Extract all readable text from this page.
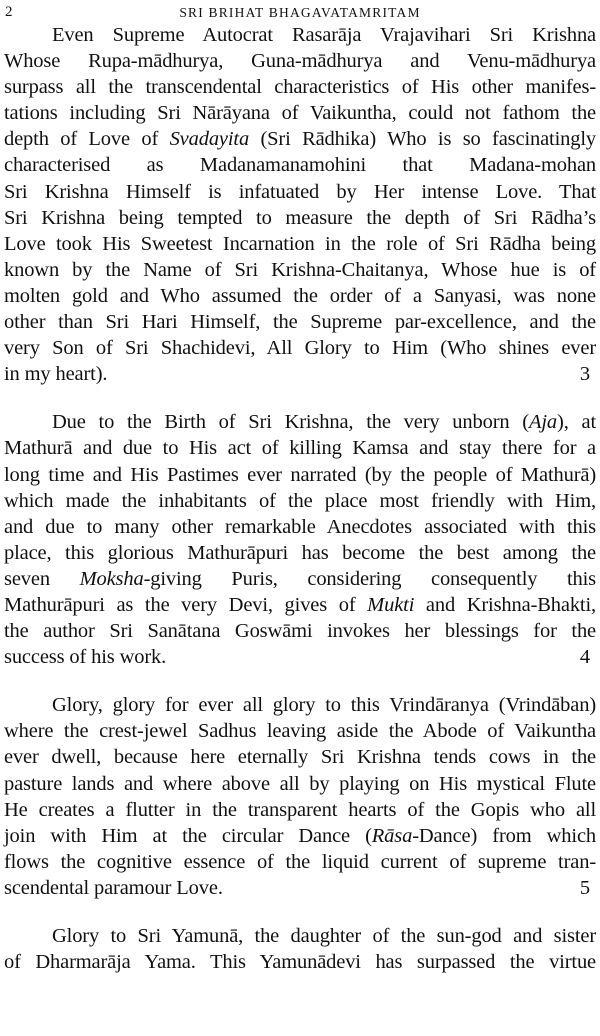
2	SRI BRIHAT BHAGAVATAMRITAM
Even Supreme Autocrat Rasarāja Vrajavihari Sri Krishna
Whose Rupa-mādhurya, Guna-mādhurya and Venu-mādhurya
surpass all the transcendental characteristics of His other manifes-
tations including Sri Nārāyana of Vaikuntha, could not fathom the
depth of Love of Svadayita (Sri Rādhika) Who is so fascinatingly
characterised as Madanamanamohini that Madana-mohan
Sri Krishna Himself is infatuated by Her intense Love. That
Sri Krishna being tempted to measure the depth of Sri Rādha’s
Love took His Sweetest Incarnation in the role of Sri Rādha being
known by the Name of Sri Krishna-Chaitanya, Whose hue is of
molten gold and Who assumed the order of a Sanyasi, was none
other than Sri Hari Himself, the Supreme par-excellence, and the
very Son of Sri Shachidevi, All Glory to Him (Who shines ever
in my heart).	3
Due to the Birth of Sri Krishna, the very unborn (Aja), at
Mathurā and due to His act of killing Kamsa and stay there for a
long time and His Pastimes ever narrated (by the people of Mathurā)
which made the inhabitants of the place most friendly with Him,
and due to many other remarkable Anecdotes associated with this
place, this glorious Mathurāpuri has become the best among the
seven Moksha-giving Puris, considering consequently this
Mathurāpuri as the very Devi, gives of Mukti and Krishna-Bhakti,
the author Sri Sanātana Goswāmi invokes her blessings for the
success of his work.	4
Glory, glory for ever all glory to this Vrindāranya (Vrindāban)
where the crest-jewel Sadhus leaving aside the Abode of Vaikuntha
ever dwell, because here eternally Sri Krishna tends cows in the
pasture lands and where above all by playing on His mystical Flute
He creates a flutter in the transparent hearts of the Gopis who all
join with Him at the circular Dance (Rāsa-Dance) from which
flows the cognitive essence of the liquid current of supreme tran-
scendental paramour Love.	5
Glory to Sri Yamunā, the daughter of the sun-god and sister
of Dharmarāja Yama. This Yamunādevi has surpassed the virtue
